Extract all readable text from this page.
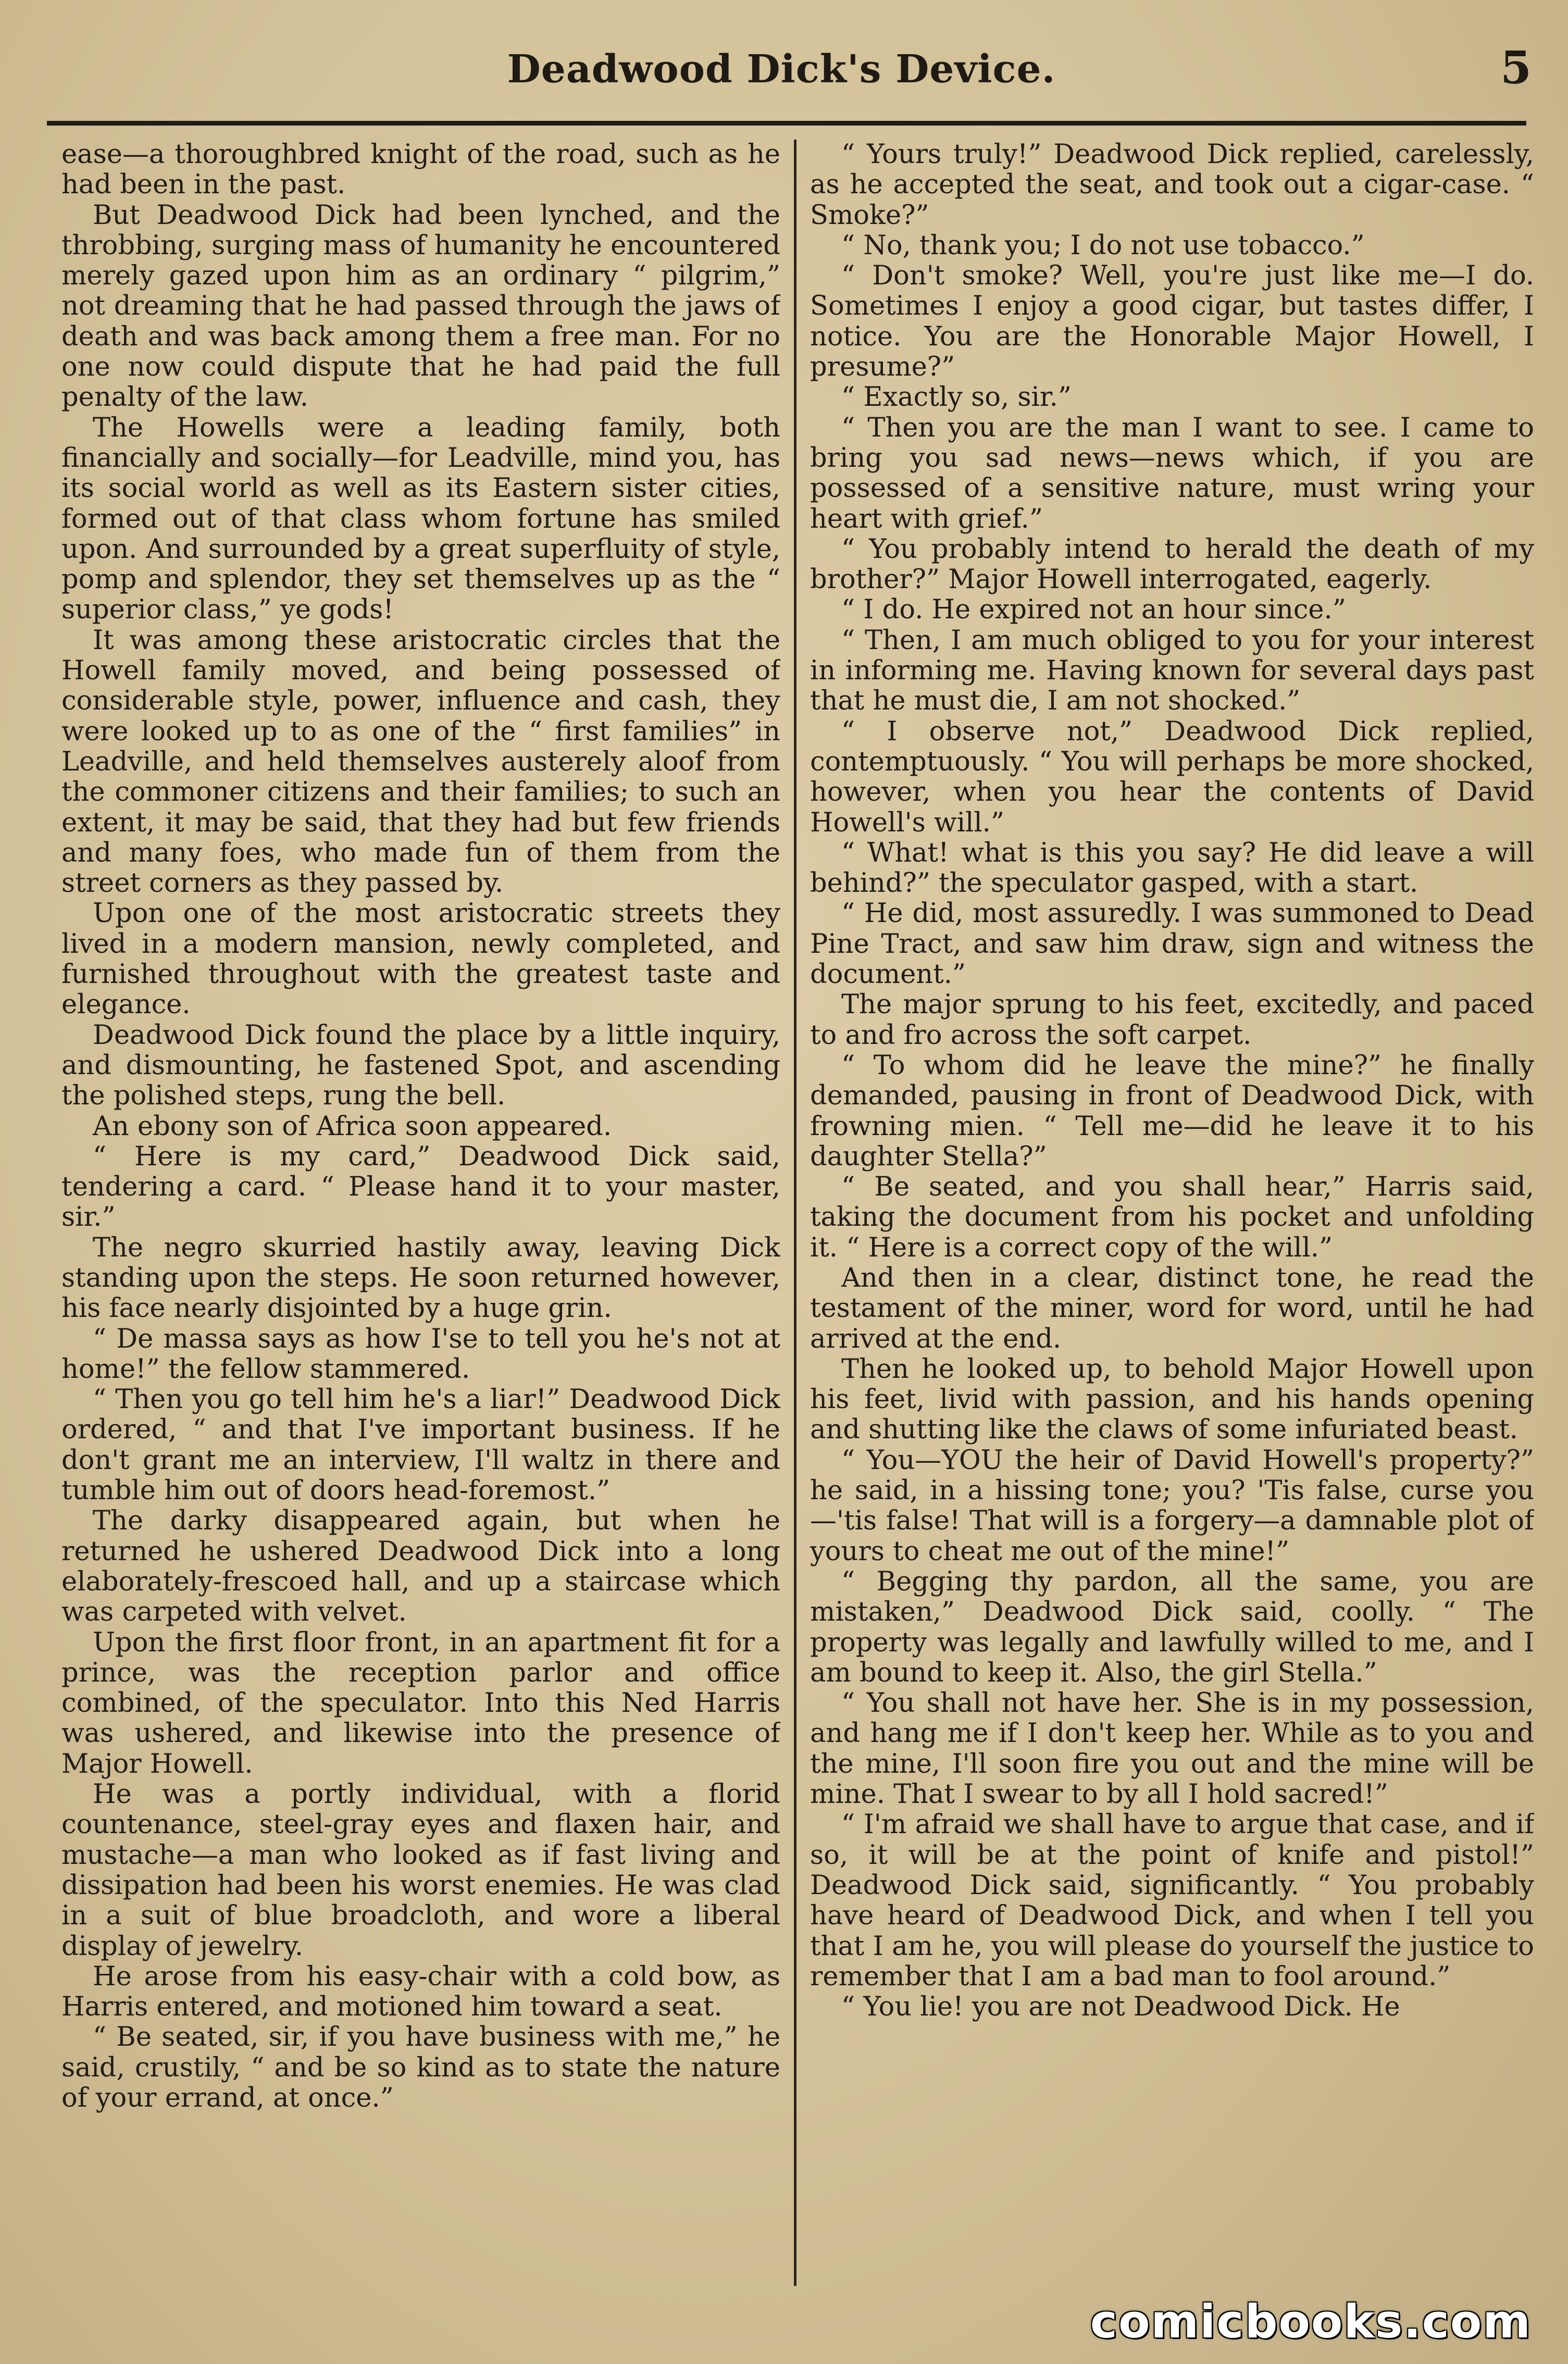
Deadwood Dick's Device.	5

ease—a thoroughbred knight of the road, such as he had been in the past.

But Deadwood Dick had been lynched, and the throbbing, surging mass of humanity he encountered merely gazed upon him as an ordinary “ pilgrim,” not dreaming that he had passed through the jaws of death and was back among them a free man. For no one now could dispute that he had paid the full penalty of the law.

The Howells were a leading family, both financially and socially—for Leadville, mind you, has its social world as well as its Eastern sister cities, formed out of that class whom fortune has smiled upon. And surrounded by a great superfluity of style, pomp and splendor, they set themselves up as the “ superior class,” ye gods!

It was among these aristocratic circles that the Howell family moved, and being possessed of considerable style, power, influence and cash, they were looked up to as one of the “ first families” in Leadville, and held themselves austerely aloof from the commoner citizens and their families; to such an extent, it may be said, that they had but few friends and many foes, who made fun of them from the street corners as they passed by.

Upon one of the most aristocratic streets they lived in a modern mansion, newly completed, and furnished throughout with the greatest taste and elegance.

Deadwood Dick found the place by a little inquiry, and dismounting, he fastened Spot, and ascending the polished steps, rung the bell.

An ebony son of Africa soon appeared.

“ Here is my card,” Deadwood Dick said, tendering a card. “ Please hand it to your master, sir.”

The negro skurried hastily away, leaving Dick standing upon the steps. He soon returned however, his face nearly disjointed by a huge grin.

“ De massa says as how I'se to tell you he's not at home!” the fellow stammered.

“ Then you go tell him he's a liar!” Deadwood Dick ordered, “ and that I've important business. If he don't grant me an interview, I'll waltz in there and tumble him out of doors head-foremost.”

The darky disappeared again, but when he returned he ushered Deadwood Dick into a long elaborately-frescoed hall, and up a staircase which was carpeted with velvet.

Upon the first floor front, in an apartment fit for a prince, was the reception parlor and office combined, of the speculator. Into this Ned Harris was ushered, and likewise into the presence of Major Howell.

He was a portly individual, with a florid countenance, steel-gray eyes and flaxen hair, and mustache—a man who looked as if fast living and dissipation had been his worst enemies. He was clad in a suit of blue broadcloth, and wore a liberal display of jewelry.

He arose from his easy-chair with a cold bow, as Harris entered, and motioned him toward a seat.

“ Be seated, sir, if you have business with me,” he said, crustily, “ and be so kind as to state the nature of your errand, at once.”

“ Yours truly!” Deadwood Dick replied, carelessly, as he accepted the seat, and took out a cigar-case. “ Smoke?”

“ No, thank you; I do not use tobacco.”

“ Don't smoke? Well, you're just like me—I do. Sometimes I enjoy a good cigar, but tastes differ, I notice. You are the Honorable Major Howell, I presume?”

“ Exactly so, sir.”

“ Then you are the man I want to see. I came to bring you sad news—news which, if you are possessed of a sensitive nature, must wring your heart with grief.”

“ You probably intend to herald the death of my brother?” Major Howell interrogated, eagerly.

“ I do. He expired not an hour since.”

“ Then, I am much obliged to you for your interest in informing me. Having known for several days past that he must die, I am not shocked.”

“ I observe not,” Deadwood Dick replied, contemptuously. “ You will perhaps be more shocked, however, when you hear the contents of David Howell's will.”

“ What! what is this you say? He did leave a will behind?” the speculator gasped, with a start.

“ He did, most assuredly. I was summoned to Dead Pine Tract, and saw him draw, sign and witness the document.”

The major sprung to his feet, excitedly, and paced to and fro across the soft carpet.

“ To whom did he leave the mine?” he finally demanded, pausing in front of Deadwood Dick, with frowning mien. “ Tell me—did he leave it to his daughter Stella?”

“ Be seated, and you shall hear,” Harris said, taking the document from his pocket and unfolding it. “ Here is a correct copy of the will.”

And then in a clear, distinct tone, he read the testament of the miner, word for word, until he had arrived at the end.

Then he looked up, to behold Major Howell upon his feet, livid with passion, and his hands opening and shutting like the claws of some infuriated beast.

“ You—YOU the heir of David Howell's property?” he said, in a hissing tone; you? 'Tis false, curse you—'tis false! That will is a forgery—a damnable plot of yours to cheat me out of the mine!”

“ Begging thy pardon, all the same, you are mistaken,” Deadwood Dick said, coolly. “ The property was legally and lawfully willed to me, and I am bound to keep it. Also, the girl Stella.”

“ You shall not have her. She is in my possession, and hang me if I don't keep her. While as to you and the mine, I'll soon fire you out and the mine will be mine. That I swear to by all I hold sacred!”

“ I'm afraid we shall have to argue that case, and if so, it will be at the point of knife and pistol!” Deadwood Dick said, significantly. “ You probably have heard of Deadwood Dick, and when I tell you that I am he, you will please do yourself the justice to remember that I am a bad man to fool around.”

“ You lie! you are not Deadwood Dick. He

comicbooks.com
